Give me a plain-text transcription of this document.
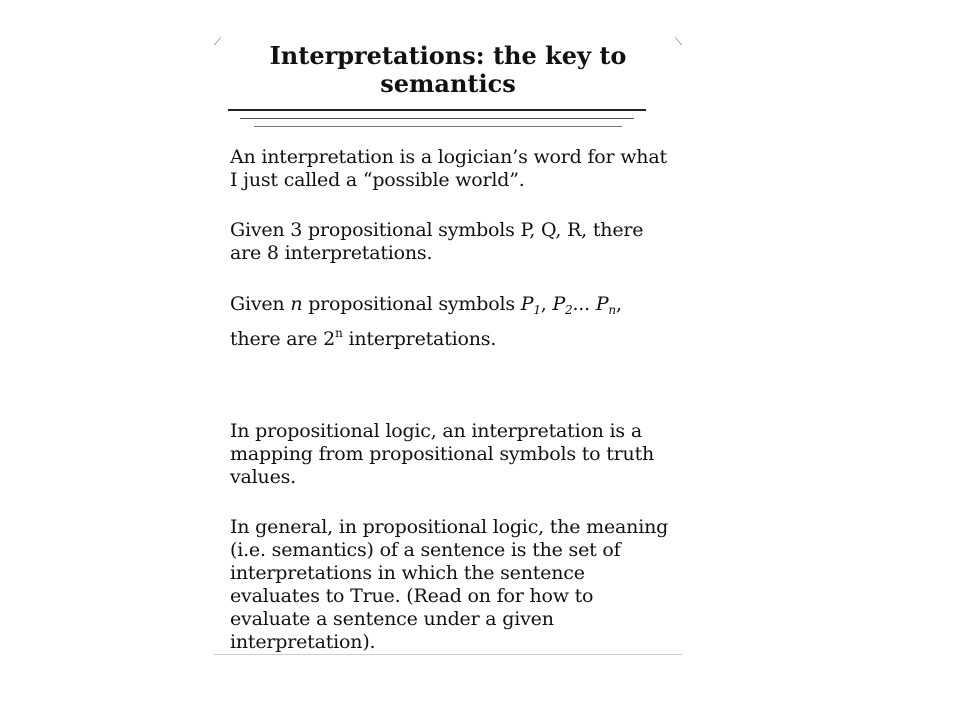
⟋	⟍
Interpretations: the key to
semantics

An interpretation is a logician’s word for what
I just called a “possible world”.

Given 3 propositional symbols P, Q, R, there
are 8 interpretations.

Given n propositional symbols $P_1$, $P_2$... $P_n$,
there are 2$^n$ interpretations.

In propositional logic, an interpretation is a
mapping from propositional symbols to truth
values.

In general, in propositional logic, the meaning
(i.e. semantics) of a sentence is the set of
interpretations in which the sentence
evaluates to True. (Read on for how to
evaluate a sentence under a given
interpretation).
